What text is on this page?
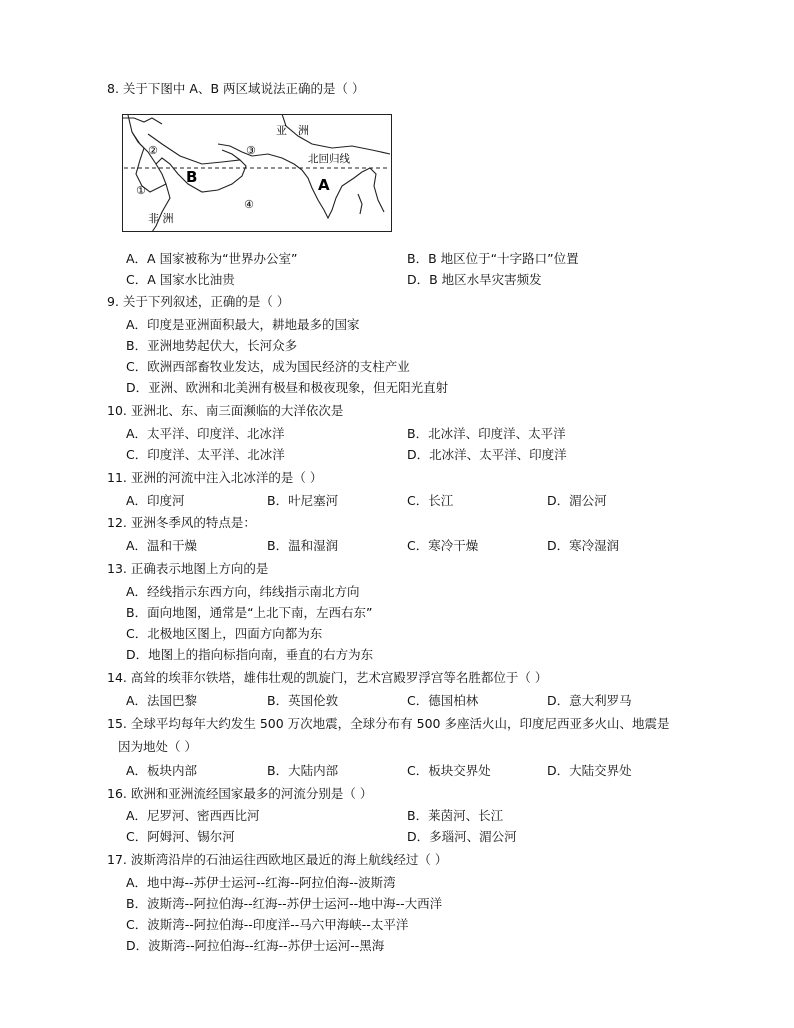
8. 关于下图中 A、B 两区域说法正确的是（ ）
亚　洲
北回归线
B	A
非 洲
①
②	③
④
A．A 国家被称为“世界办公室”	B．B 地区位于“十字路口”位置
C．A 国家水比油贵	D．B 地区水旱灾害频发
9. 关于下列叙述，正确的是（ ）
A．印度是亚洲面积最大，耕地最多的国家
B．亚洲地势起伏大，长河众多
C．欧洲西部畜牧业发达，成为国民经济的支柱产业
D．亚洲、欧洲和北美洲有极昼和极夜现象，但无阳光直射
10. 亚洲北、东、南三面濒临的大洋依次是
A．太平洋、印度洋、北冰洋	B．北冰洋、印度洋、太平洋
C．印度洋、太平洋、北冰洋	D．北冰洋、太平洋、印度洋
11. 亚洲的河流中注入北冰洋的是（ ）
A．印度河	B．叶尼塞河	C．长江	D．湄公河
12. 亚洲冬季风的特点是：
A．温和干燥	B．温和湿润	C．寒冷干燥	D．寒冷湿润
13. 正确表示地图上方向的是
A．经线指示东西方向，纬线指示南北方向
B．面向地图，通常是“上北下南，左西右东”
C．北极地区图上，四面方向都为东
D．地图上的指向标指向南，垂直的右方为东
14. 高耸的埃菲尔铁塔，雄伟壮观的凯旋门，艺术宫殿罗浮宫等名胜都位于（ ）
A．法国巴黎	B．英国伦敦	C．德国柏林	D．意大利罗马
15. 全球平均每年大约发生 500 万次地震，全球分布有 500 多座活火山，印度尼西亚多火山、地震是
因为地处（ ）
A．板块内部	B．大陆内部	C．板块交界处	D．大陆交界处
16. 欧洲和亚洲流经国家最多的河流分别是（ ）
A．尼罗河、密西西比河	B．莱茵河、长江
C．阿姆河、锡尔河	D．多瑙河、湄公河
17. 波斯湾沿岸的石油运往西欧地区最近的海上航线经过（ ）
A．地中海--苏伊士运河--红海--阿拉伯海--波斯湾
B．波斯湾--阿拉伯海--红海--苏伊士运河--地中海--大西洋
C．波斯湾--阿拉伯海--印度洋--马六甲海峡--太平洋
D．波斯湾--阿拉伯海--红海--苏伊士运河--黑海
